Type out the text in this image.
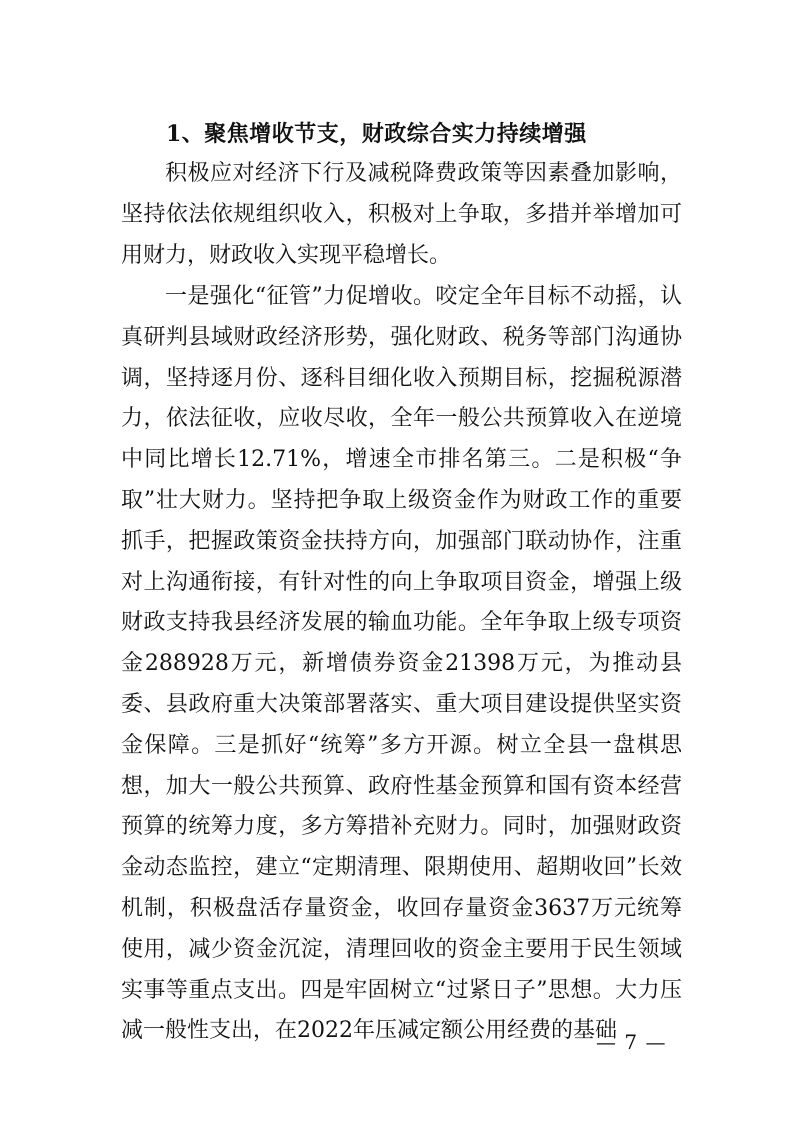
1、聚焦增收节支，财政综合实力持续增强

积极应对经济下行及减税降费政策等因素叠加影响，坚持依法依规组织收入，积极对上争取，多措并举增加可用财力，财政收入实现平稳增长。

一是强化“征管”力促增收。咬定全年目标不动摇，认真研判县域财政经济形势，强化财政、税务等部门沟通协调，坚持逐月份、逐科目细化收入预期目标，挖掘税源潜力，依法征收，应收尽收，全年一般公共预算收入在逆境中同比增长12.71%，增速全市排名第三。二是积极“争取”壮大财力。坚持把争取上级资金作为财政工作的重要抓手，把握政策资金扶持方向，加强部门联动协作，注重对上沟通衔接，有针对性的向上争取项目资金，增强上级财政支持我县经济发展的输血功能。全年争取上级专项资金288928万元，新增债券资金21398万元，为推动县委、县政府重大决策部署落实、重大项目建设提供坚实资金保障。三是抓好“统筹”多方开源。树立全县一盘棋思想，加大一般公共预算、政府性基金预算和国有资本经营预算的统筹力度，多方筹措补充财力。同时，加强财政资金动态监控，建立“定期清理、限期使用、超期收回”长效机制，积极盘活存量资金，收回存量资金3637万元统筹使用，减少资金沉淀，清理回收的资金主要用于民生领域实事等重点支出。四是牢固树立“过紧日子”思想。大力压减一般性支出，在2022年压减定额公用经费的基础

— 7 —
